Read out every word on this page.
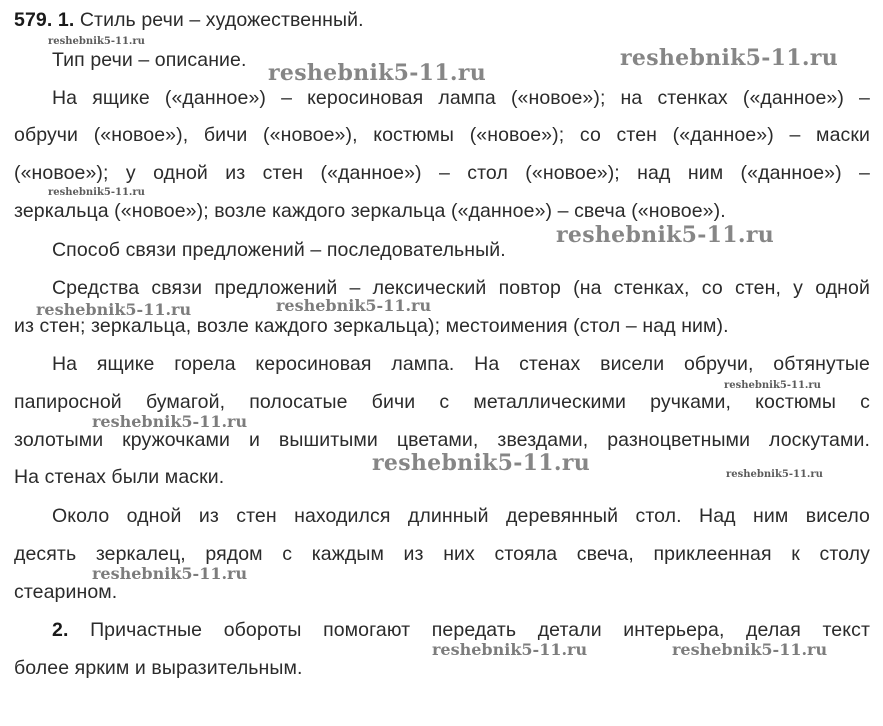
579. 1. Стиль речи – художественный.
Тип речи – описание.
На ящике («данное») – керосиновая лампа («новое»); на стенках («данное») –
обручи («новое»), бичи («новое»), костюмы («новое»); со стен («данное») – маски
(«новое»); у одной из стен («данное») – стол («новое»); над ним («данное») –
зеркальца («новое»); возле каждого зеркальца («данное») – свеча («новое»).
Способ связи предложений – последовательный.
Средства связи предложений – лексический повтор (на стенках, со стен, у одной
из стен; зеркальца, возле каждого зеркальца); местоимения (стол – над ним).
На ящике горела керосиновая лампа. На стенах висели обручи, обтянутые
папиросной бумагой, полосатые бичи с металлическими ручками, костюмы с
золотыми кружочками и вышитыми цветами, звездами, разноцветными лоскутами.
На стенах были маски.
Около одной из стен находился длинный деревянный стол. Над ним висело
десять зеркалец, рядом с каждым из них стояла свеча, приклеенная к столу
стеарином.
2. Причастные обороты помогают передать детали интерьера, делая текст
более ярким и выразительным.
reshebnik5-11.ru
reshebnik5-11.ru
reshebnik5-11.ru
reshebnik5-11.ru
reshebnik5-11.ru
reshebnik5-11.ru	reshebnik5-11.ru
reshebnik5-11.ru
reshebnik5-11.ru
reshebnik5-11.ru	reshebnik5-11.ru
reshebnik5-11.ru
reshebnik5-11.ru	reshebnik5-11.ru
